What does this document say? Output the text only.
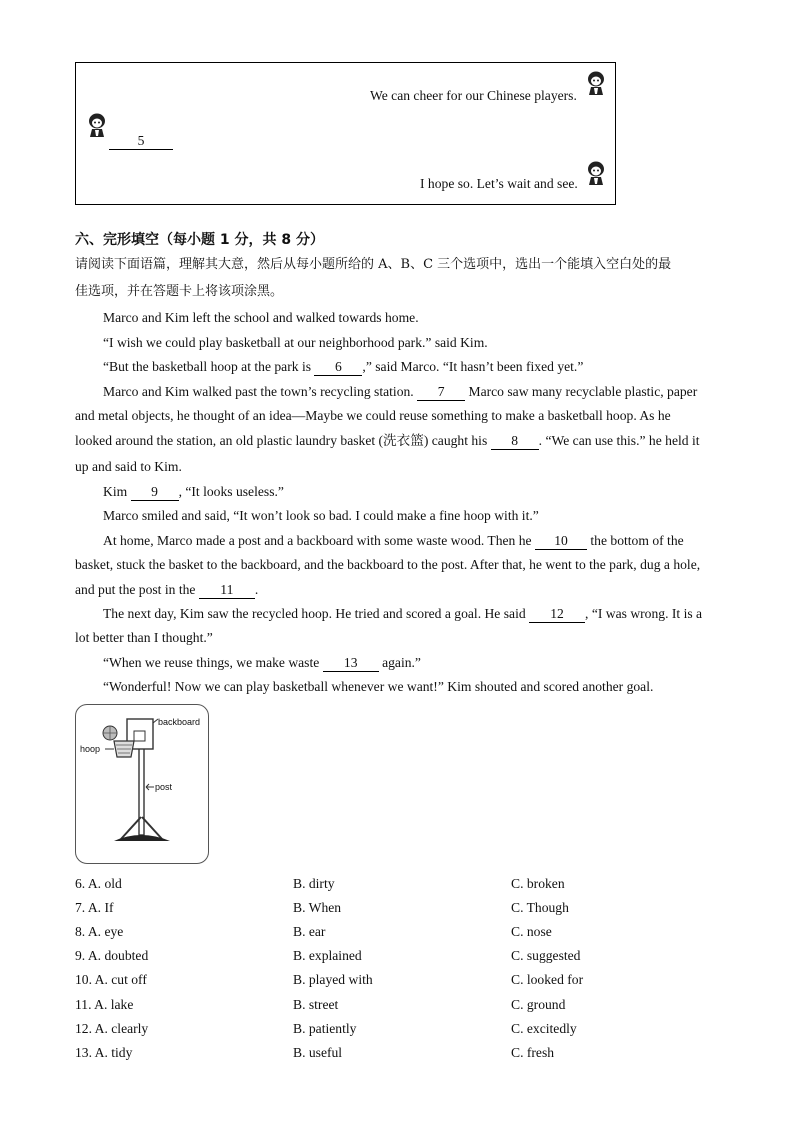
We can cheer for our Chinese players.
5
I hope so. Let’s wait and see.
六、完形填空（每小题 1 分，共 8 分）
请阅读下面语篇，理解其大意，然后从每小题所给的 A、B、C 三个选项中，选出一个能填入空白处的最
佳选项，并在答题卡上将该项涂黑。
Marco and Kim left the school and walked towards home.
“I wish we could play basketball at our neighborhood park.” said Kim.
“But the basketball hoop at the park is 6 ,” said Marco. “It hasn’t been fixed yet.”
Marco and Kim walked past the town’s recycling station. 7 Marco saw many recyclable plastic, paper
and metal objects, he thought of an idea—Maybe we could reuse something to make a basketball hoop. As he
looked around the station, an old plastic laundry basket (洗衣篮) caught his 8 . “We can use this.” he held it
up and said to Kim.
Kim 9 , “It looks useless.”
Marco smiled and said, “It won’t look so bad. I could make a fine hoop with it.”
At home, Marco made a post and a backboard with some waste wood. Then he 10 the bottom of the
basket, stuck the basket to the backboard, and the backboard to the post. After that, he went to the park, dug a hole,
and put the post in the 11 .
The next day, Kim saw the recycled hoop. He tried and scored a goal. He said 12 , “I was wrong. It is a
lot better than I thought.”
“When we reuse things, we make waste 13 again.”
“Wonderful! Now we can play basketball whenever we want!” Kim shouted and scored another goal.
backboard
hoop
post
6. A. old	B. dirty	C. broken
7. A. If	B. When	C. Though
8. A. eye	B. ear	C. nose
9. A. doubted	B. explained	C. suggested
10. A. cut off	B. played with	C. looked for
11. A. lake	B. street	C. ground
12. A. clearly	B. patiently	C. excitedly
13. A. tidy	B. useful	C. fresh
